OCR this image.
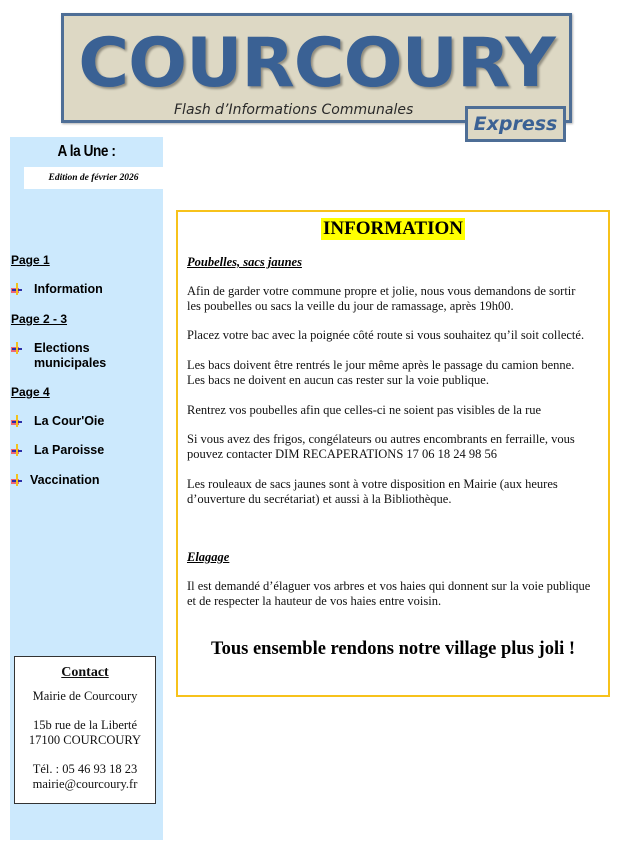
COURCOURY
Flash d’Informations Communales
Express
A la Une :
Edition de février 2026
Page 1
Information
Page 2 - 3
Elections
municipales
Page 4
La Cour'Oie
La Paroisse
Vaccination
Contact
Mairie de Courcoury
15b rue de la Liberté
17100 COURCOURY
Tél. : 05 46 93 18 23
mairie@courcoury.fr
INFORMATION
Poubelles, sacs jaunes
Afin de garder votre commune propre et jolie, nous vous demandons de sortir
les poubelles ou sacs la veille du jour de ramassage, après 19h00.
Placez votre bac avec la poignée côté route si vous souhaitez qu’il soit collecté.
Les bacs doivent être rentrés le jour même après le passage du camion benne.
Les bacs ne doivent en aucun cas rester sur la voie publique.
Rentrez vos poubelles afin que celles-ci ne soient pas visibles de la rue
Si vous avez des frigos, congélateurs ou autres encombrants en ferraille, vous
pouvez contacter DIM RECAPERATIONS 17 06 18 24 98 56
Les rouleaux de sacs jaunes sont à votre disposition en Mairie (aux heures
d’ouverture du secrétariat) et aussi à la Bibliothèque.
Elagage
Il est demandé d’élaguer vos arbres et vos haies qui donnent sur la voie publique
et de respecter la hauteur de vos haies entre voisin.
Tous ensemble rendons notre village plus joli !
